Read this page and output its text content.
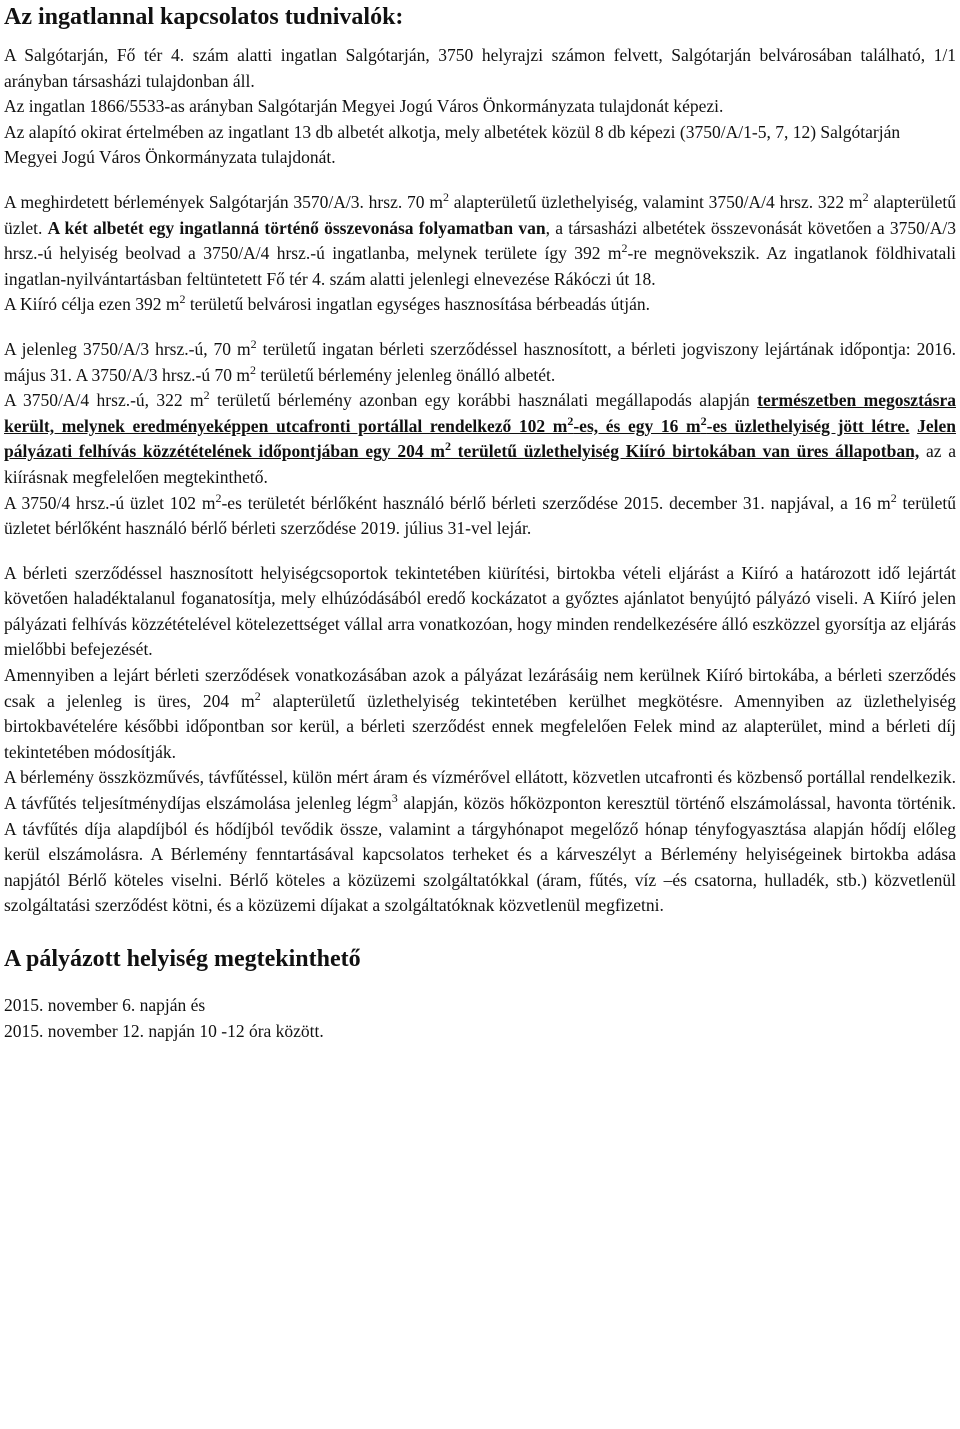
Az ingatlannal kapcsolatos tudnivalók:

A Salgótarján, Fő tér 4. szám alatti ingatlan Salgótarján, 3750 helyrajzi számon felvett, Salgótarján belvárosában található, 1/1 arányban társasházi tulajdonban áll.

Az ingatlan 1866/5533-as arányban Salgótarján Megyei Jogú Város Önkormányzata tulajdonát képezi.

Az alapító okirat értelmében az ingatlant 13 db albetét alkotja, mely albetétek közül 8 db képezi (3750/A/1-5, 7, 12) Salgótarján Megyei Jogú Város Önkormányzata tulajdonát.

A meghirdetett bérlemények Salgótarján 3570/A/3. hrsz. 70 $m^2$ alapterületű üzlethelyiség, valamint 3750/A/4 hrsz. 322 $m^2$ alapterületű üzlet. A két albetét egy ingatlanná történő összevonása folyamatban van, a társasházi albetétek összevonását követően a 3750/A/3 hrsz.-ú helyiség beolvad a 3750/A/4 hrsz.-ú ingatlanba, melynek területe így 392 $m^2-re$ megnövekszik. Az ingatlanok földhivatali ingatlan-nyilvántartásban feltüntetett Fő tér 4. szám alatti jelenlegi elnevezése Rákóczi út 18.

A Kiíró célja ezen 392 $m^2$ területű belvárosi ingatlan egységes hasznosítása bérbeadás útján.

A jelenleg 3750/A/3 hrsz.-ú, 70 $m^2$ területű ingatan bérleti szerződéssel hasznosított, a bérleti jogviszony lejártának időpontja: 2016. május 31. A 3750/A/3 hrsz.-ú 70 $m^2$ területű bérlemény jelenleg önálló albetét.

A 3750/A/4 hrsz.-ú, 322 $m^2$ területű bérlemény azonban egy korábbi használati megállapodás alapján természetben megosztásra került, melynek eredményeképpen utcafronti portállal rendelkező 102 $m^2-es$, és egy 16 $m^2-es$ üzlethelyiség jött létre. Jelen pályázati felhívás közzétételének időpontjában egy 204 $m^2$ területű üzlethelyiség Kiíró birtokában van üres állapotban, az a kiírásnak megfelelően megtekinthető.

A 3750/4 hrsz.-ú üzlet 102 $m^2-es$ területét bérlőként használó bérlő bérleti szerződése 2015. december 31. napjával, a 16 $m^2$ területű üzletet bérlőként használó bérlő bérleti szerződése 2019. július 31-vel lejár.

A bérleti szerződéssel hasznosított helyiségcsoportok tekintetében kiürítési, birtokba vételi eljárást a Kiíró a határozott idő lejártát követően haladéktalanul foganatosítja, mely elhúzódásából eredő kockázatot a győztes ajánlatot benyújtó pályázó viseli. A Kiíró jelen pályázati felhívás közzétételével kötelezettséget vállal arra vonatkozóan, hogy minden rendelkezésére álló eszközzel gyorsítja az eljárás mielőbbi befejezését.

Amennyiben a lejárt bérleti szerződések vonatkozásában azok a pályázat lezárásáig nem kerülnek Kiíró birtokába, a bérleti szerződés csak a jelenleg is üres, 204 $m^2$ alapterületű üzlethelyiség tekintetében kerülhet megkötésre. Amennyiben az üzlethelyiség birtokbavételére későbbi időpontban sor kerül, a bérleti szerződést ennek megfelelően Felek mind az alapterület, mind a bérleti díj tekintetében módosítják.

A bérlemény összközművés, távfűtéssel, külön mért áram és vízmérővel ellátott, közvetlen utcafronti és közbenső portállal rendelkezik. A távfűtés teljesítménydíjas elszámolása jelenleg légm$^3$ alapján, közös hőközponton keresztül történő elszámolással, havonta történik. A távfűtés díja alapdíjból és hődíjból tevődik össze, valamint a tárgyhónapot megelőző hónap tényfogyasztása alapján hődíj előleg kerül elszámolásra. A Bérlemény fenntartásával kapcsolatos terheket és a kárveszélyt a Bérlemény helyiségeinek birtokba adása napjától Bérlő köteles viselni. Bérlő köteles a közüzemi szolgáltatókkal (áram, fűtés, víz –és csatorna, hulladék, stb.) közvetlenül szolgáltatási szerződést kötni, és a közüzemi díjakat a szolgáltatóknak közvetlenül megfizetni.

A pályázott helyiség megtekinthető

2015. november 6. napján és

2015. november 12. napján 10 -12 óra között.
